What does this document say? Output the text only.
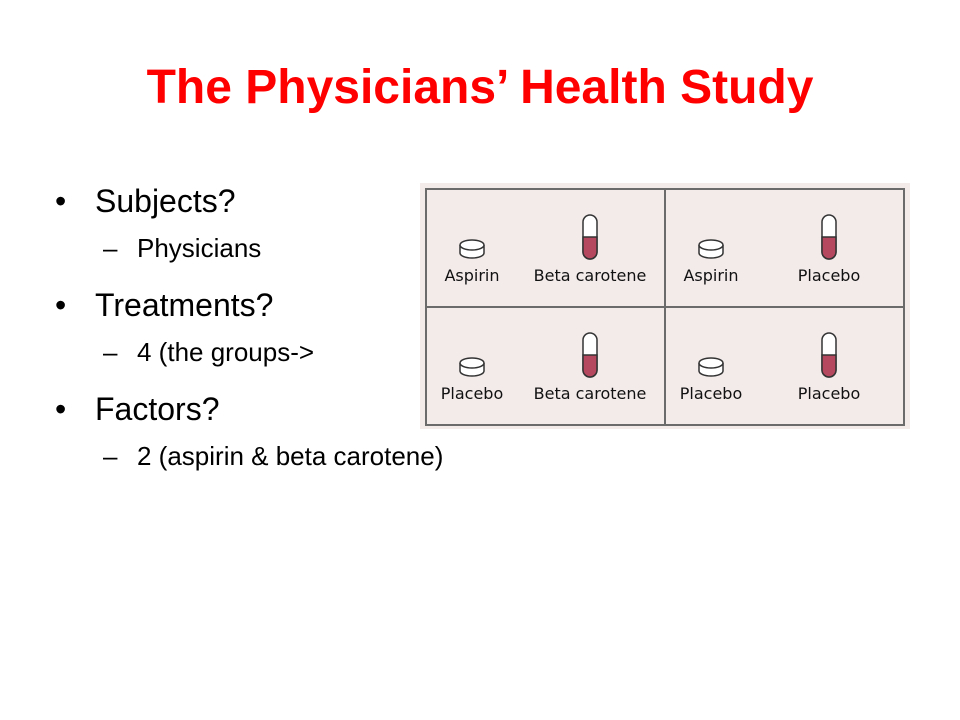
The Physicians’ Health Study
• Subjects?
– Physicians
• Treatments?
– 4 (the groups->
• Factors?
– 2 (aspirin & beta carotene)
Aspirin Beta carotene Aspirin	Placebo
Placebo Beta carotene Placebo	Placebo
